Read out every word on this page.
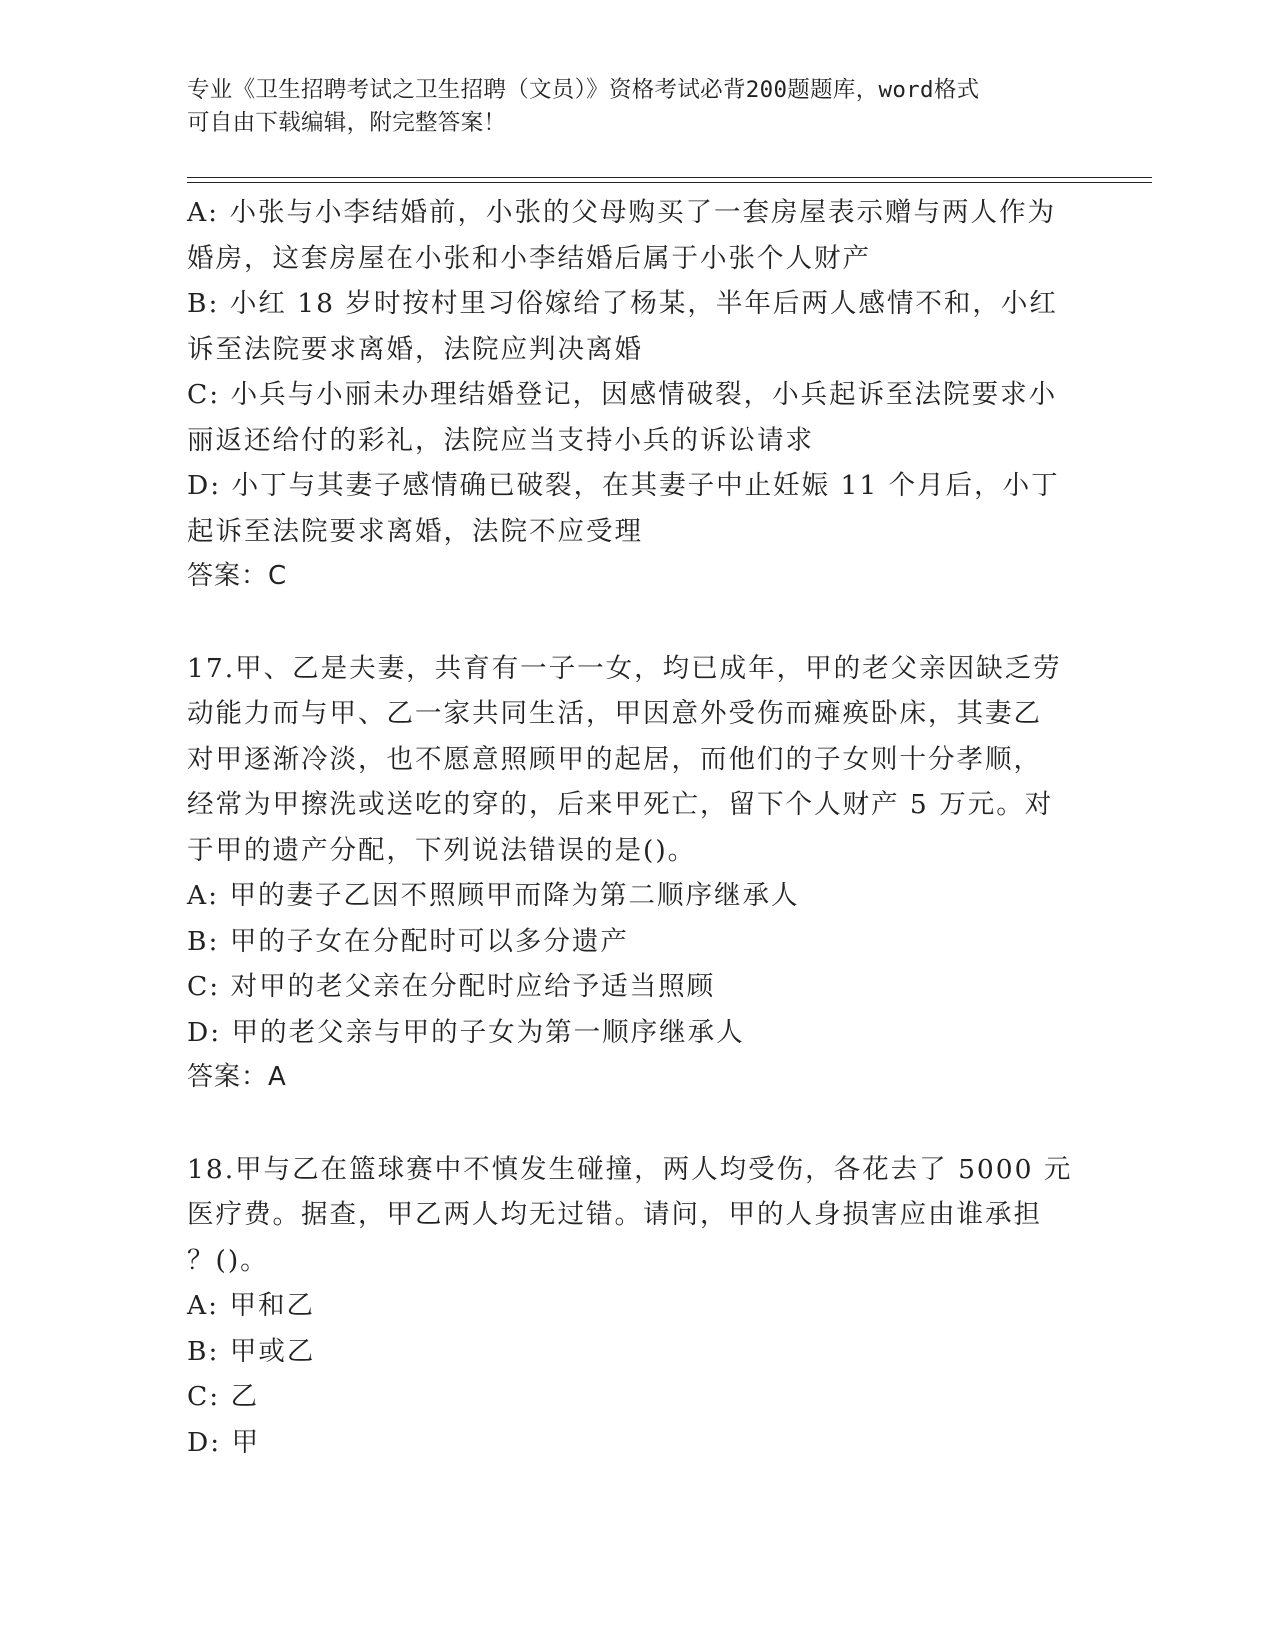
专业《卫生招聘考试之卫生招聘（文员）》资格考试必背200题题库，word格式
可自由下载编辑，附完整答案！
A: 小张与小李结婚前，小张的父母购买了一套房屋表示赠与两人作为
婚房，这套房屋在小张和小李结婚后属于小张个人财产
B: 小红 18 岁时按村里习俗嫁给了杨某，半年后两人感情不和，小红
诉至法院要求离婚，法院应判决离婚
C: 小兵与小丽未办理结婚登记，因感情破裂，小兵起诉至法院要求小
丽返还给付的彩礼，法院应当支持小兵的诉讼请求
D: 小丁与其妻子感情确已破裂，在其妻子中止妊娠 11 个月后，小丁
起诉至法院要求离婚，法院不应受理
答案：C
17.甲、乙是夫妻，共育有一子一女，均已成年，甲的老父亲因缺乏劳
动能力而与甲、乙一家共同生活，甲因意外受伤而瘫痪卧床，其妻乙
对甲逐渐冷淡，也不愿意照顾甲的起居，而他们的子女则十分孝顺，
经常为甲擦洗或送吃的穿的，后来甲死亡，留下个人财产 5 万元。对
于甲的遗产分配，下列说法错误的是()。
A: 甲的妻子乙因不照顾甲而降为第二顺序继承人
B: 甲的子女在分配时可以多分遗产
C: 对甲的老父亲在分配时应给予适当照顾
D: 甲的老父亲与甲的子女为第一顺序继承人
答案：A
18.甲与乙在篮球赛中不慎发生碰撞，两人均受伤，各花去了 5000 元
医疗费。据查，甲乙两人均无过错。请问，甲的人身损害应由谁承担
？()。
A: 甲和乙
B: 甲或乙
C: 乙
D: 甲
